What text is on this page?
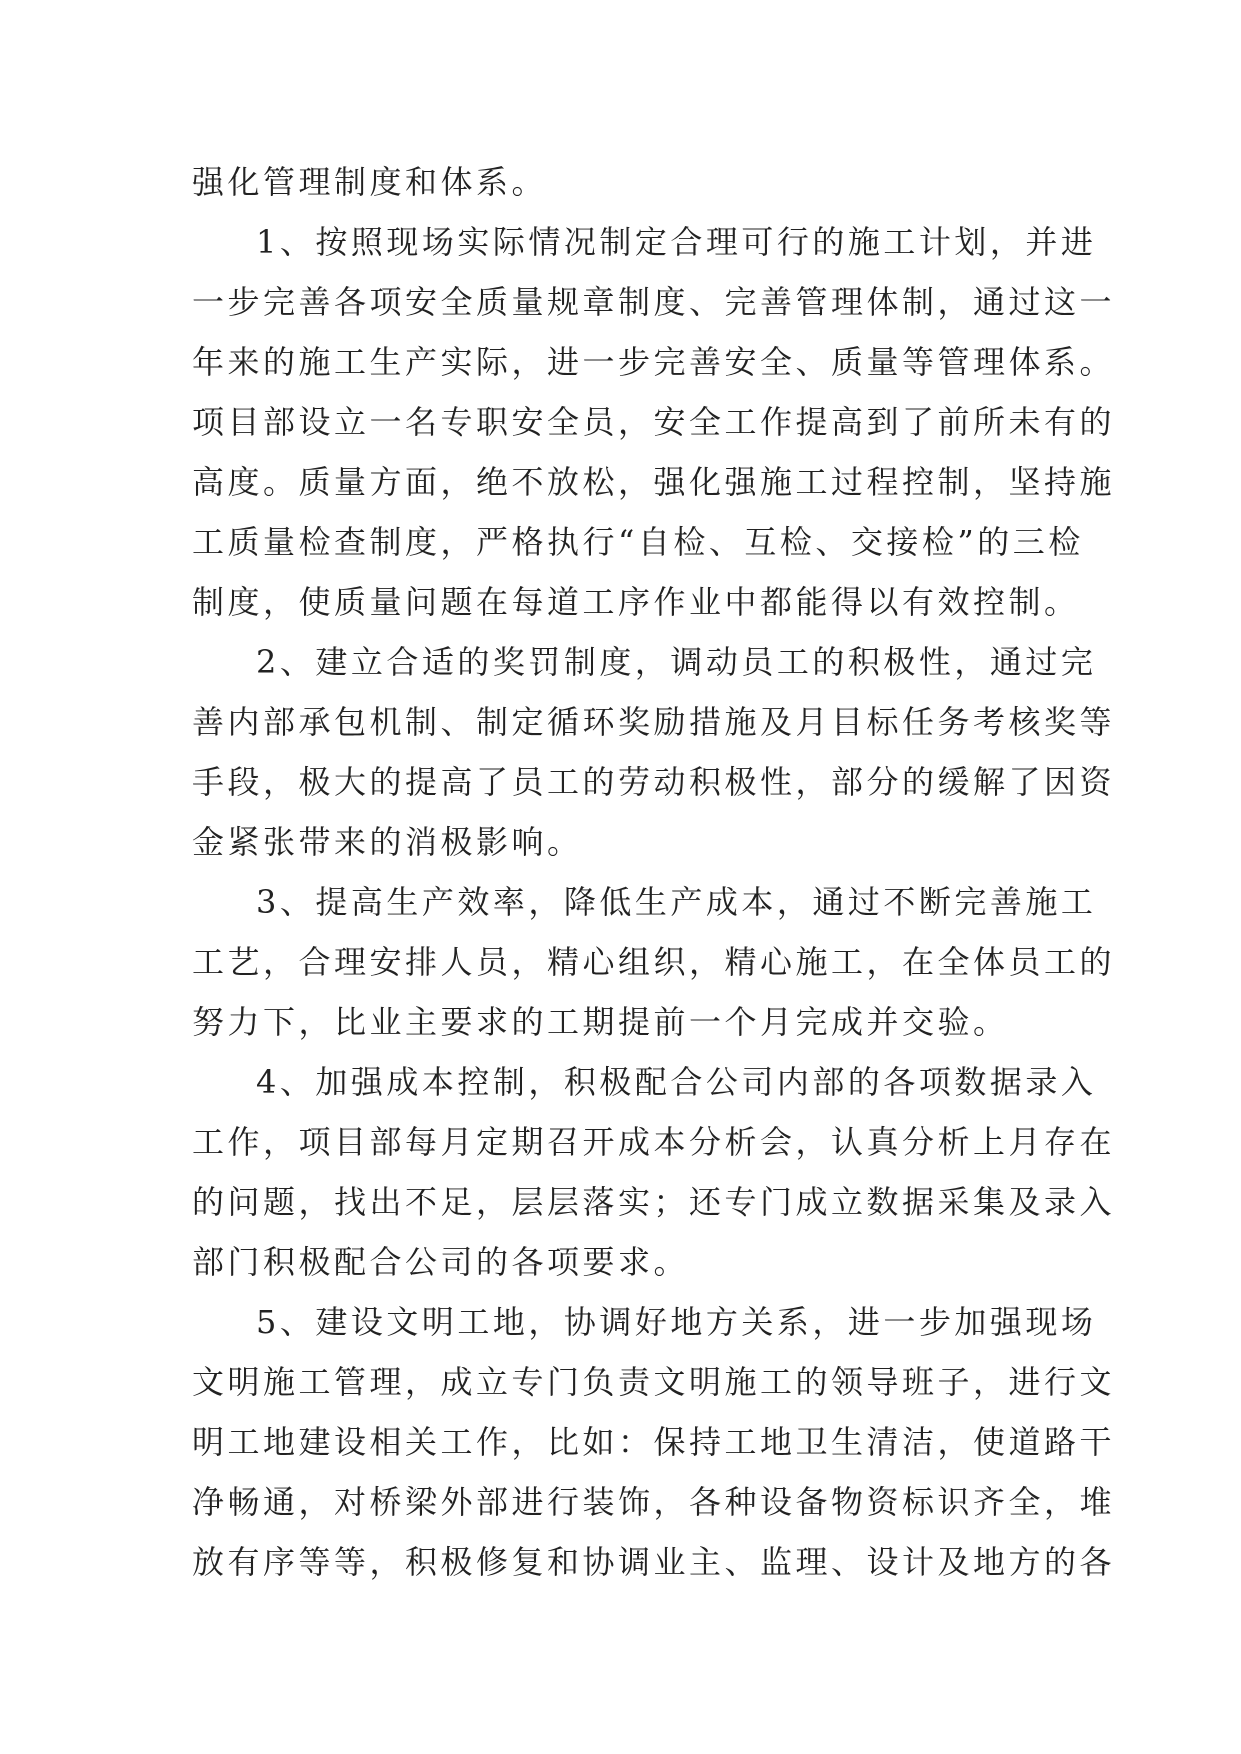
强化管理制度和体系。
1、按照现场实际情况制定合理可行的施工计划，并进
一步完善各项安全质量规章制度、完善管理体制，通过这一
年来的施工生产实际，进一步完善安全、质量等管理体系。
项目部设立一名专职安全员，安全工作提高到了前所未有的
高度。质量方面，绝不放松，强化强施工过程控制，坚持施
工质量检查制度，严格执行“自检、互检、交接检”的三检
制度，使质量问题在每道工序作业中都能得以有效控制。
2、建立合适的奖罚制度，调动员工的积极性，通过完
善内部承包机制、制定循环奖励措施及月目标任务考核奖等
手段，极大的提高了员工的劳动积极性，部分的缓解了因资
金紧张带来的消极影响。
3、提高生产效率，降低生产成本，通过不断完善施工
工艺，合理安排人员，精心组织，精心施工，在全体员工的
努力下，比业主要求的工期提前一个月完成并交验。
4、加强成本控制，积极配合公司内部的各项数据录入
工作，项目部每月定期召开成本分析会，认真分析上月存在
的问题，找出不足，层层落实；还专门成立数据采集及录入
部门积极配合公司的各项要求。
5、建设文明工地，协调好地方关系，进一步加强现场
文明施工管理，成立专门负责文明施工的领导班子，进行文
明工地建设相关工作，比如：保持工地卫生清洁，使道路干
净畅通，对桥梁外部进行装饰，各种设备物资标识齐全，堆
放有序等等，积极修复和协调业主、监理、设计及地方的各
